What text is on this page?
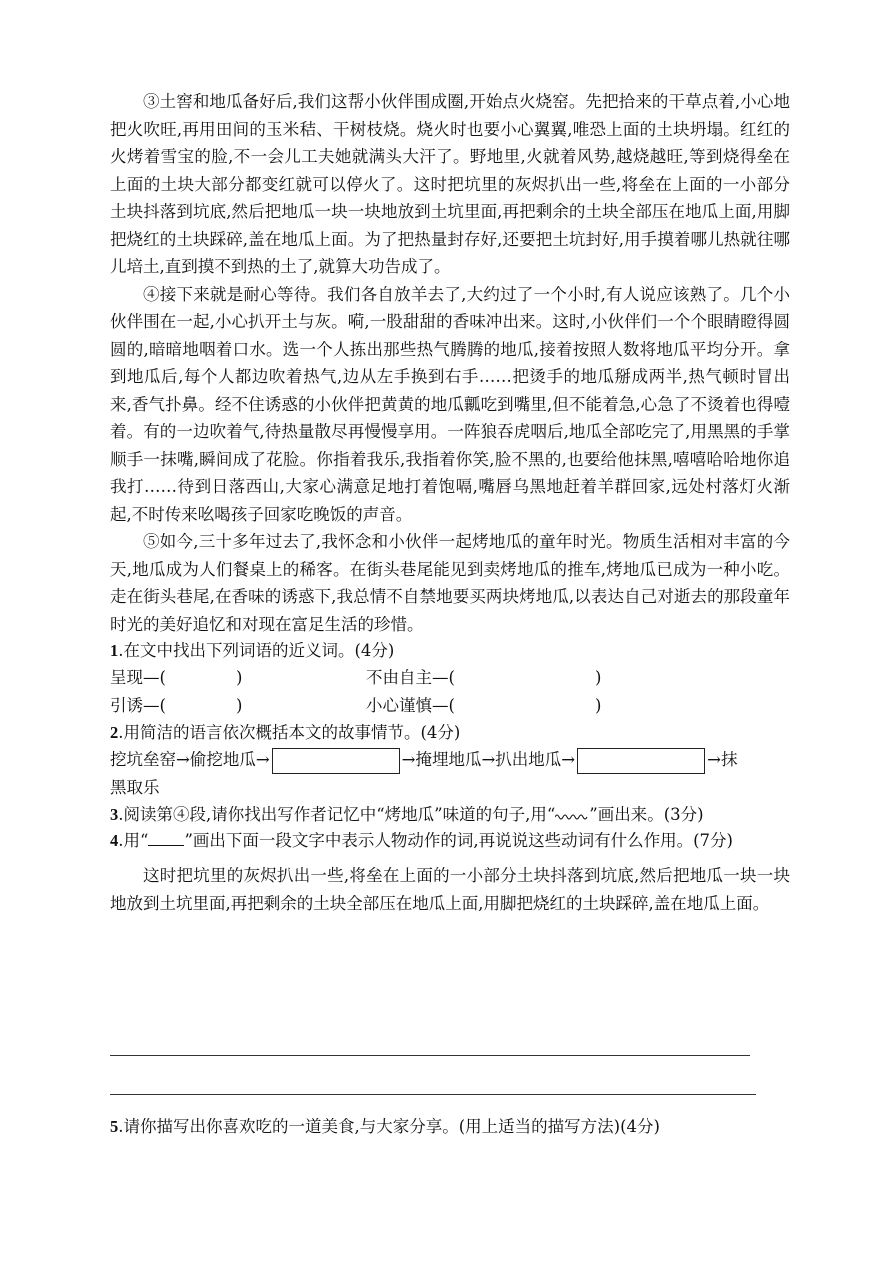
③土窖和地瓜备好后,我们这帮小伙伴围成圈,开始点火烧窑。先把拾来的干草点着,小心地把火吹旺,再用田间的玉米秸、干树枝烧。烧火时也要小心翼翼,唯恐上面的土块坍塌。红红的火烤着雪宝的脸,不一会儿工夫她就满头大汗了。野地里,火就着风势,越烧越旺,等到烧得垒在上面的土块大部分都变红就可以停火了。这时把坑里的灰烬扒出一些,将垒在上面的一小部分土块抖落到坑底,然后把地瓜一块一块地放到土坑里面,再把剩余的土块全部压在地瓜上面,用脚把烧红的土块踩碎,盖在地瓜上面。为了把热量封存好,还要把土坑封好,用手摸着哪儿热就往哪儿培土,直到摸不到热的土了,就算大功告成了。

④接下来就是耐心等待。我们各自放羊去了,大约过了一个小时,有人说应该熟了。几个小伙伴围在一起,小心扒开土与灰。嗬,一股甜甜的香味冲出来。这时,小伙伴们一个个眼睛瞪得圆圆的,暗暗地咽着口水。选一个人拣出那些热气腾腾的地瓜,接着按照人数将地瓜平均分开。拿到地瓜后,每个人都边吹着热气,边从左手换到右手……把烫手的地瓜掰成两半,热气顿时冒出来,香气扑鼻。经不住诱惑的小伙伴把黄黄的地瓜瓤吃到嘴里,但不能着急,心急了不烫着也得噎着。有的一边吹着气,待热量散尽再慢慢享用。一阵狼吞虎咽后,地瓜全部吃完了,用黑黑的手掌顺手一抹嘴,瞬间成了花脸。你指着我乐,我指着你笑,脸不黑的,也要给他抹黑,嘻嘻哈哈地你追我打……待到日落西山,大家心满意足地打着饱嗝,嘴唇乌黑地赶着羊群回家,远处村落灯火渐起,不时传来吆喝孩子回家吃晚饭的声音。

⑤如今,三十多年过去了,我怀念和小伙伴一起烤地瓜的童年时光。物质生活相对丰富的今天,地瓜成为人们餐桌上的稀客。在街头巷尾能见到卖烤地瓜的推车,烤地瓜已成为一种小吃。走在街头巷尾,在香味的诱惑下,我总情不自禁地要买两块烤地瓜,以表达自己对逝去的那段童年时光的美好追忆和对现在富足生活的珍惜。

1.在文中找出下列词语的近义词。(4分)

呈现—(	)	不由自主—(	)
引诱—(	)	小心谨慎—(	)

2.用简洁的语言依次概括本文的故事情节。(4分)

挖坑垒窑→偷挖地瓜→	→掩埋地瓜→扒出地瓜→	→抹
黑取乐

3.阅读第④段,请你找出写作者记忆中“烤地瓜”味道的句子,用“ ”画出来。(3分)

4.用“ ”画出下面一段文字中表示人物动作的词,再说说这些动词有什么作用。(7分)

这时把坑里的灰烬扒出一些,将垒在上面的一小部分土块抖落到坑底,然后把地瓜一块一块地放到土坑里面,再把剩余的土块全部压在地瓜上面,用脚把烧红的土块踩碎,盖在地瓜上面。

5.请你描写出你喜欢吃的一道美食,与大家分享。(用上适当的描写方法)(4分)
